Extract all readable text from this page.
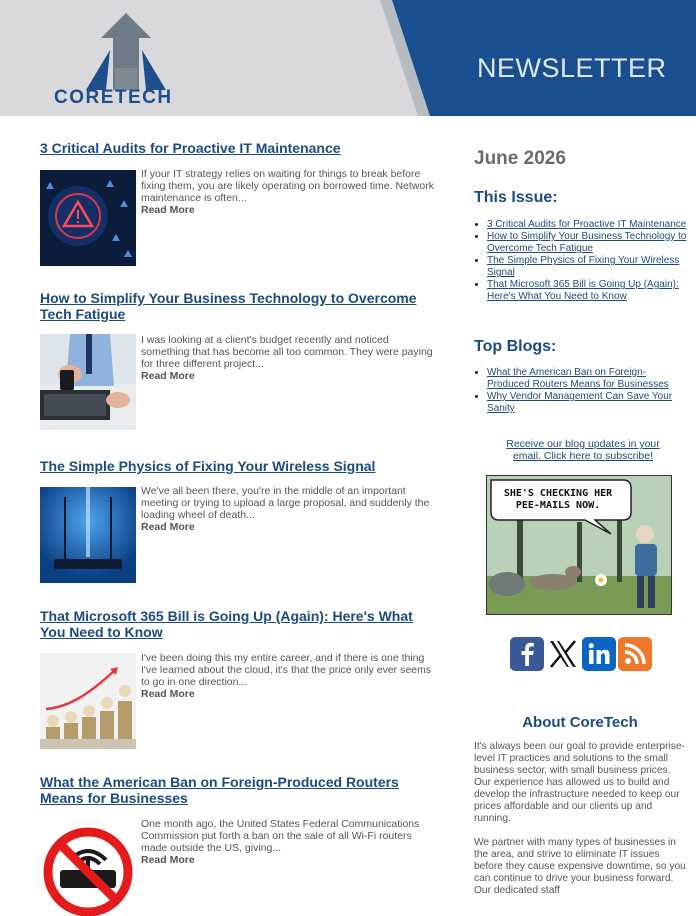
CORETECH
NEWSLETTER
3 Critical Audits for Proactive IT Maintenance
If your IT strategy relies on waiting for things to break before fixing them, you are likely operating on borrowed time. Network maintenance is often...
Read More
How to Simplify Your Business Technology to Overcome Tech Fatigue
I was looking at a client's budget recently and noticed something that has become all too common. They were paying for three different project...
Read More
The Simple Physics of Fixing Your Wireless Signal
We've all been there, you're in the middle of an important meeting or trying to upload a large proposal, and suddenly the loading wheel of death...
Read More
That Microsoft 365 Bill is Going Up (Again): Here's What You Need to Know
I've been doing this my entire career, and if there is one thing I've learned about the cloud, it's that the price only ever seems to go in one direction...
Read More
What the American Ban on Foreign-Produced Routers Means for Businesses
One month ago, the United States Federal Communications Commission put forth a ban on the sale of all Wi-Fi routers made outside the US, giving...
Read More
June 2026
This Issue:
• 3 Critical Audits for Proactive IT Maintenance
• How to Simplify Your Business Technology to Overcome Tech Fatigue
• The Simple Physics of Fixing Your Wireless Signal
• That Microsoft 365 Bill is Going Up (Again): Here's What You Need to Know
Top Blogs:
• What the American Ban on Foreign-Produced Routers Means for Businesses
• Why Vendor Management Can Save Your Sanity
Receive our blog updates in your email. Click here to subscribe!
SHE'S CHECKING HER PEE-MAILS NOW.
About CoreTech

It's always been our goal to provide enterprise-level IT practices and solutions to the small business sector, with small business prices. Our experience has allowed us to build and develop the infrastructure needed to keep our prices affordable and our clients up and running.

We partner with many types of businesses in the area, and strive to eliminate IT issues before they cause expensive downtime, so you can continue to drive your business forward. Our dedicated staff
